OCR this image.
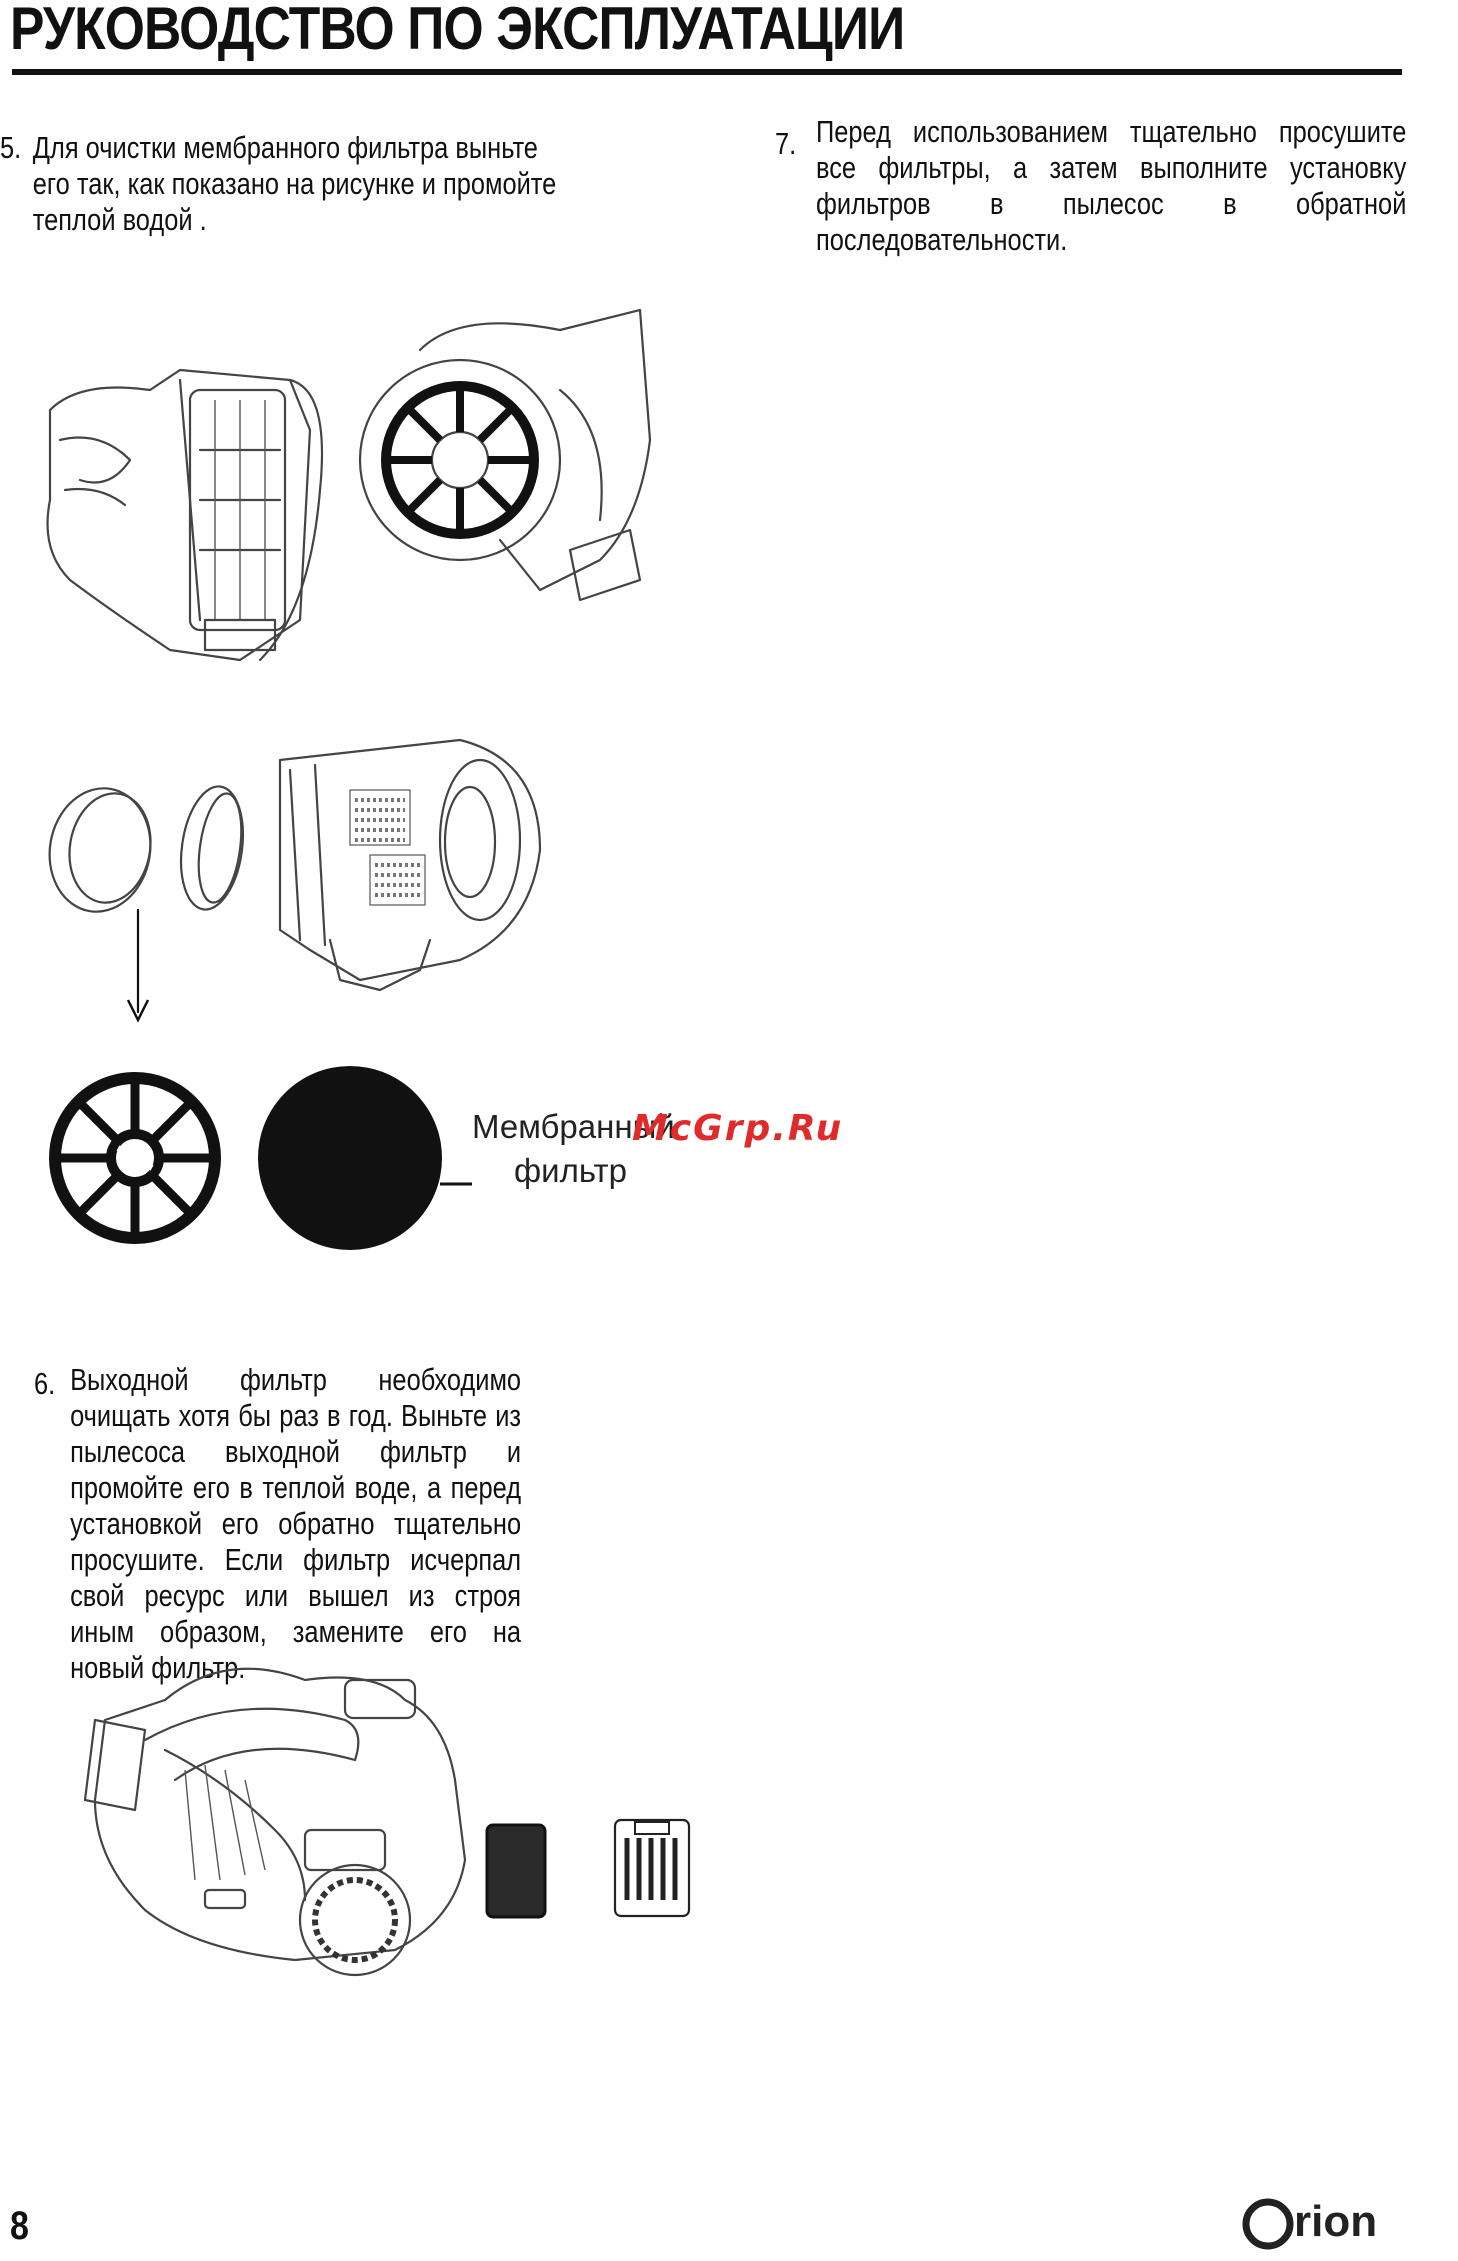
РУКОВОДСТВО ПО ЭКСПЛУАТАЦИИ
5. Для очистки мембранного фильтра выньте его так, как показано на рисунке и промойте теплой водой .
7. Перед использованием тщательно просушите все фильтры, а затем выполните установку фильтров в пылесос в обратной последовательности.
Мембранный
фильтр
McGrp.Ru
6. Выходной фильтр необходимо очищать хотя бы раз в год. Выньте из пылесоса выходной фильтр и промойте его в теплой воде, а перед установкой его обратно тщательно просушите. Если фильтр исчерпал свой ресурс или вышел из строя иным образом, замените его на новый фильтр.
8	rion
